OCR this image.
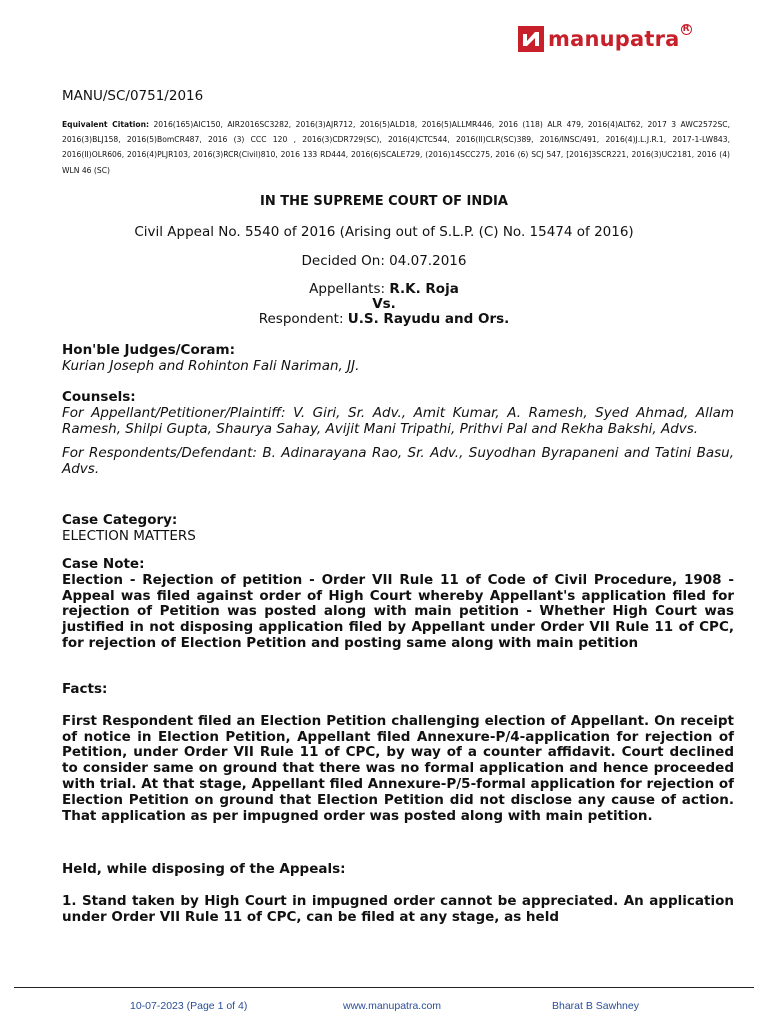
manupatra R
MANU/SC/0751/2016
Equivalent Citation: 2016(165)AIC150, AIR2016SC3282, 2016(3)AJR712, 2016(5)ALD18, 2016(5)ALLMR446, 2016 (118) ALR 479, 2016(4)ALT62, 2017 3 AWC2572SC, 2016(3)BLJ158, 2016(5)BomCR487, 2016 (3) CCC 120 , 2016(3)CDR729(SC), 2016(4)CTC544, 2016(II)CLR(SC)389, 2016/INSC/491, 2016(4)J.L.J.R.1, 2017-1-LW843, 2016(II)OLR606, 2016(4)PLJR103, 2016(3)RCR(Civil)810, 2016 133 RD444, 2016(6)SCALE729, (2016)14SCC275, 2016 (6) SCJ 547, [2016]3SCR221, 2016(3)UC2181, 2016 (4) WLN 46 (SC)
IN THE SUPREME COURT OF INDIA
Civil Appeal No. 5540 of 2016 (Arising out of S.L.P. (C) No. 15474 of 2016)
Decided On: 04.07.2016
Appellants: R.K. Roja
Vs.
Respondent: U.S. Rayudu and Ors.
Hon'ble Judges/Coram:
Kurian Joseph and Rohinton Fali Nariman, JJ.
Counsels:
For Appellant/Petitioner/Plaintiff: V. Giri, Sr. Adv., Amit Kumar, A. Ramesh, Syed Ahmad, Allam Ramesh, Shilpi Gupta, Shaurya Sahay, Avijit Mani Tripathi, Prithvi Pal and Rekha Bakshi, Advs.
For Respondents/Defendant: B. Adinarayana Rao, Sr. Adv., Suyodhan Byrapaneni and Tatini Basu, Advs.
Case Category:
ELECTION MATTERS
Case Note:
Election - Rejection of petition - Order VII Rule 11 of Code of Civil Procedure, 1908 - Appeal was filed against order of High Court whereby Appellant's application filed for rejection of Petition was posted along with main petition - Whether High Court was justified in not disposing application filed by Appellant under Order VII Rule 11 of CPC, for rejection of Election Petition and posting same along with main petition
Facts:
First Respondent filed an Election Petition challenging election of Appellant. On receipt of notice in Election Petition, Appellant filed Annexure-P/4-application for rejection of Petition, under Order VII Rule 11 of CPC, by way of a counter affidavit. Court declined to consider same on ground that there was no formal application and hence proceeded with trial. At that stage, Appellant filed Annexure-P/5-formal application for rejection of Election Petition on ground that Election Petition did not disclose any cause of action. That application as per impugned order was posted along with main petition.
Held, while disposing of the Appeals:
1. Stand taken by High Court in impugned order cannot be appreciated. An application under Order VII Rule 11 of CPC, can be filed at any stage, as held
10-07-2023 (Page 1 of 4)	www.manupatra.com	Bharat B Sawhney
